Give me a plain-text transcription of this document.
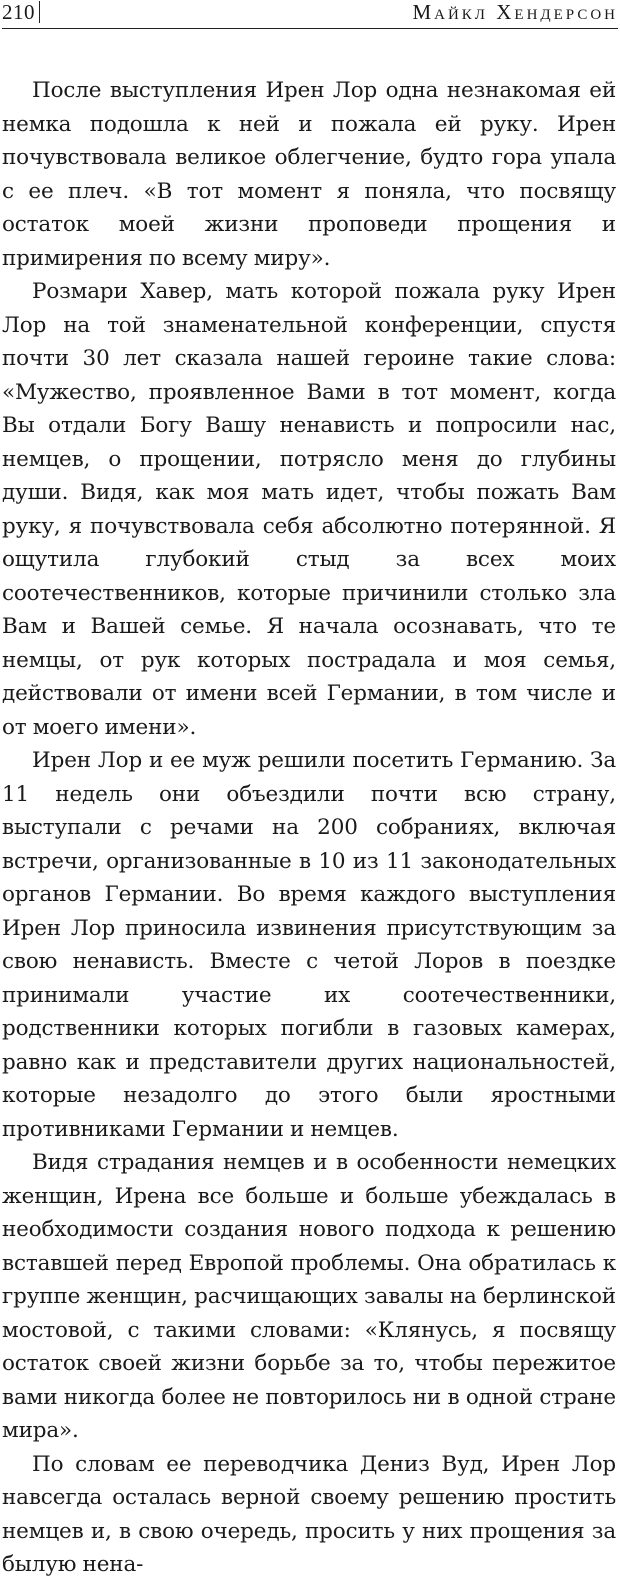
210	Майкл Хендерсон

После выступления Ирен Лор одна незнакомая ей немка подошла к ней и пожала ей руку. Ирен почувствовала великое облегчение, будто гора упала с ее плеч. «В тот момент я поняла, что посвящу остаток моей жизни проповеди прощения и примирения по всему миру».

Розмари Хавер, мать которой пожала руку Ирен Лор на той знаменательной конференции, спустя почти 30 лет сказала нашей героине такие слова: «Мужество, проявленное Вами в тот момент, когда Вы отдали Богу Вашу ненависть и попросили нас, немцев, о прощении, потрясло меня до глубины души. Видя, как моя мать идет, чтобы пожать Вам руку, я почувствовала себя абсолютно потерянной. Я ощутила глубокий стыд за всех моих соотечественников, которые причинили столько зла Вам и Вашей семье. Я начала осознавать, что те немцы, от рук которых пострадала и моя семья, действовали от имени всей Германии, в том числе и от моего имени».

Ирен Лор и ее муж решили посетить Германию. За 11 недель они объездили почти всю страну, выступали с речами на 200 собраниях, включая встречи, организованные в 10 из 11 законодательных органов Германии. Во время каждого выступления Ирен Лор приносила извинения присутствующим за свою ненависть. Вместе с четой Лоров в поездке принимали участие их соотечественники, родственники которых погибли в газовых камерах, равно как и представители других национальностей, которые незадолго до этого были яростными противниками Германии и немцев.

Видя страдания немцев и в особенности немецких женщин, Ирена все больше и больше убеждалась в необходимости создания нового подхода к решению вставшей перед Европой проблемы. Она обратилась к группе женщин, расчищающих завалы на берлинской мостовой, с такими словами: «Клянусь, я посвящу остаток своей жизни борьбе за то, чтобы пережитое вами никогда более не повторилось ни в одной стране мира».

По словам ее переводчика Дениз Вуд, Ирен Лор навсегда осталась верной своему решению простить немцев и, в свою очередь, просить у них прощения за былую нена-
